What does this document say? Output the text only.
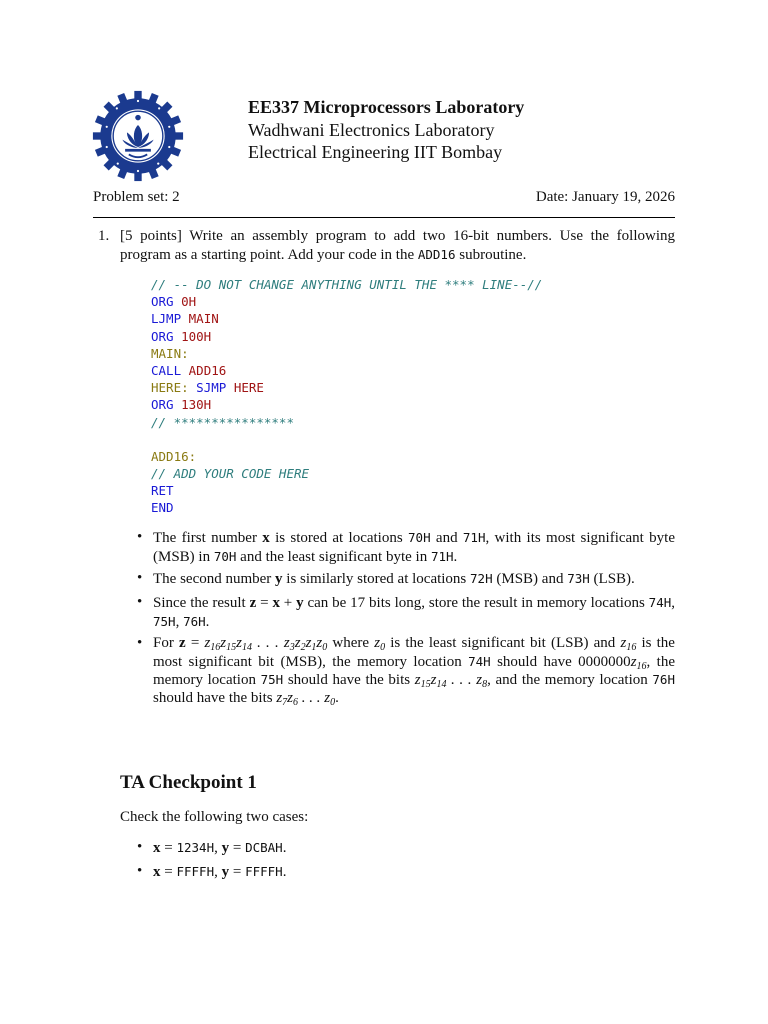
EE337 Microprocessors Laboratory
Wadhwani Electronics Laboratory
Electrical Engineering IIT Bombay
Problem set: 2	Date: January 19, 2026
1. [5 points] Write an assembly program to add two 16-bit numbers. Use the following program as a starting point. Add your code in the ADD16 subroutine.
// -- DO NOT CHANGE ANYTHING UNTIL THE **** LINE--//
ORG 0H
LJMP MAIN
ORG 100H
MAIN:
CALL ADD16
HERE: SJMP HERE
ORG 130H
// ****************
ADD16:
// ADD YOUR CODE HERE
RET
END
• The first number x is stored at locations 70H and 71H, with its most significant byte (MSB) in 70H and the least significant byte in 71H.
• The second number y is similarly stored at locations 72H (MSB) and 73H (LSB).
• Since the result z = x + y can be 17 bits long, store the result in memory locations 74H, 75H, 76H.
• For $z = z_{16}z_{15}z_{14}$ . . . $z_3z_2z_1z_0$ where $z_0$ is the least significant bit (LSB) and $z_{16}$ is the most significant bit (MSB), the memory location 74H should have $0000000z_{16}$, the memory location 75H should have the bits $z_{15}z_{14}$ . . . $z_8$, and the memory location 76H should have the bits $z_7z_6$ . . . $z_0$.
TA Checkpoint 1
Check the following two cases:
• x = 1234H, y = DCBAH.
• x = FFFFH, y = FFFFH.
